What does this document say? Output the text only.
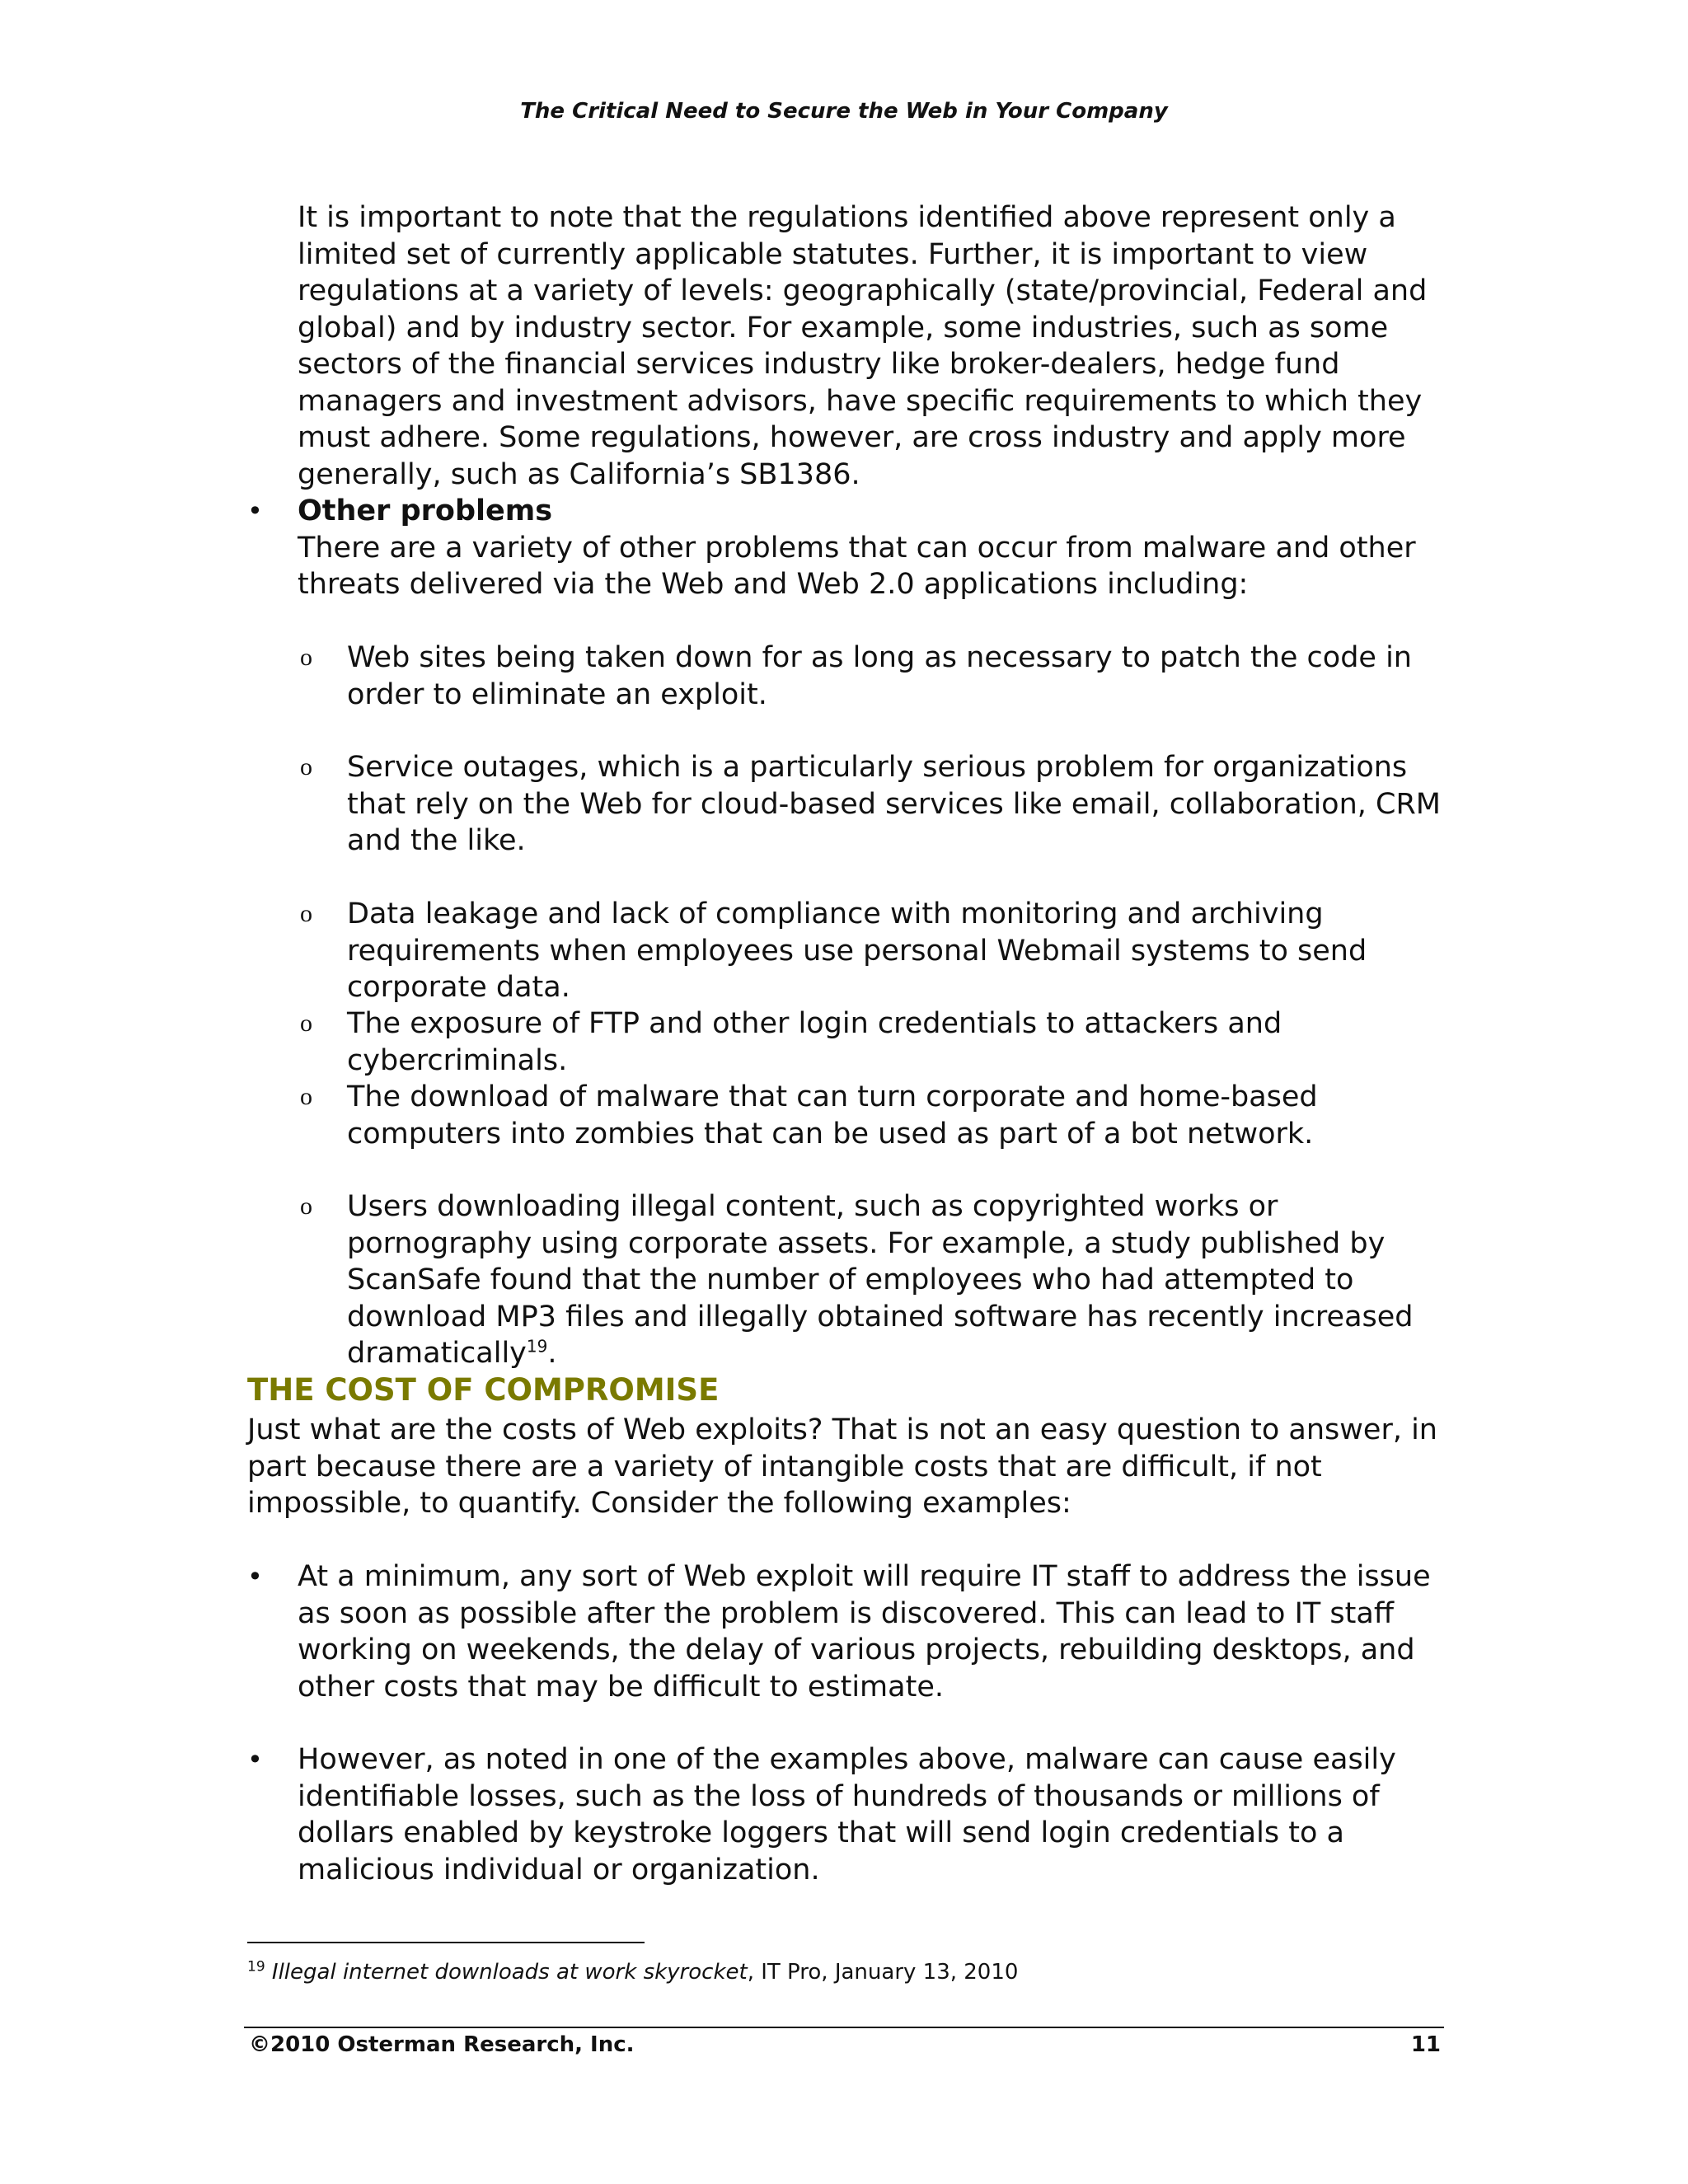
The Critical Need to Secure the Web in Your Company

It is important to note that the regulations identified above represent only a limited set of currently applicable statutes. Further, it is important to view regulations at a variety of levels: geographically (state/provincial, Federal and global) and by industry sector. For example, some industries, such as some sectors of the financial services industry like broker-dealers, hedge fund managers and investment advisors, have specific requirements to which they must adhere. Some regulations, however, are cross industry and apply more generally, such as California’s SB1386.

• Other problems

There are a variety of other problems that can occur from malware and other threats delivered via the Web and Web 2.0 applications including:

o Web sites being taken down for as long as necessary to patch the code in order to eliminate an exploit.

o Service outages, which is a particularly serious problem for organizations that rely on the Web for cloud-based services like email, collaboration, CRM and the like.

o Data leakage and lack of compliance with monitoring and archiving requirements when employees use personal Webmail systems to send corporate data.

o The exposure of FTP and other login credentials to attackers and cybercriminals.

o The download of malware that can turn corporate and home-based computers into zombies that can be used as part of a bot network.

o Users downloading illegal content, such as copyrighted works or pornography using corporate assets. For example, a study published by ScanSafe found that the number of employees who had attempted to download MP3 files and illegally obtained software has recently increased dramatically$^{19}$.

THE COST OF COMPROMISE

Just what are the costs of Web exploits? That is not an easy question to answer, in part because there are a variety of intangible costs that are difficult, if not impossible, to quantify. Consider the following examples:

• At a minimum, any sort of Web exploit will require IT staff to address the issue as soon as possible after the problem is discovered. This can lead to IT staff working on weekends, the delay of various projects, rebuilding desktops, and other costs that may be difficult to estimate.

• However, as noted in one of the examples above, malware can cause easily identifiable losses, such as the loss of hundreds of thousands or millions of dollars enabled by keystroke loggers that will send login credentials to a malicious individual or organization.

$^{19}$ Illegal internet downloads at work skyrocket, IT Pro, January 13, 2010
©2010 Osterman Research, Inc.	11
